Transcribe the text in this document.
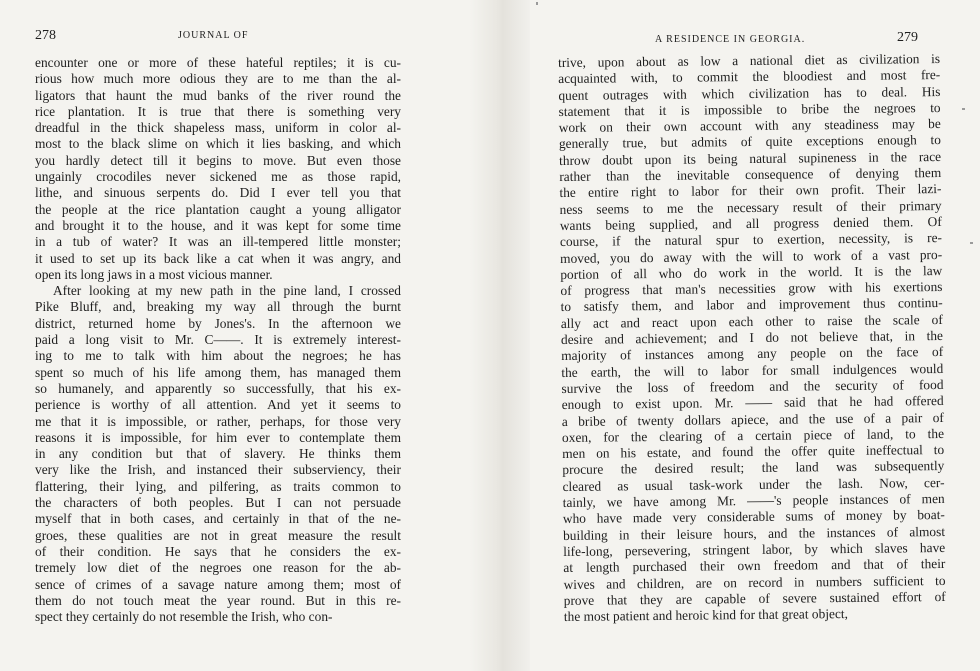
278	JOURNAL OF
encounter one or more of these hateful reptiles; it is cu-
rious how much more odious they are to me than the al-
ligators that haunt the mud banks of the river round the
rice plantation. It is true that there is something very
dreadful in the thick shapeless mass, uniform in color al-
most to the black slime on which it lies basking, and which
you hardly detect till it begins to move. But even those
ungainly crocodiles never sickened me as those rapid,
lithe, and sinuous serpents do. Did I ever tell you that
the people at the rice plantation caught a young alligator
and brought it to the house, and it was kept for some time
in a tub of water? It was an ill-tempered little monster;
it used to set up its back like a cat when it was angry, and
open its long jaws in a most vicious manner.
After looking at my new path in the pine land, I crossed
Pike Bluff, and, breaking my way all through the burnt
district, returned home by Jones's. In the afternoon we
paid a long visit to Mr. C——. It is extremely interest-
ing to me to talk with him about the negroes; he has
spent so much of his life among them, has managed them
so humanely, and apparently so successfully, that his ex-
perience is worthy of all attention. And yet it seems to
me that it is impossible, or rather, perhaps, for those very
reasons it is impossible, for him ever to contemplate them
in any condition but that of slavery. He thinks them
very like the Irish, and instanced their subserviency, their
flattering, their lying, and pilfering, as traits common to
the characters of both peoples. But I can not persuade
myself that in both cases, and certainly in that of the ne-
groes, these qualities are not in great measure the result
of their condition. He says that he considers the ex-
tremely low diet of the negroes one reason for the ab-
sence of crimes of a savage nature among them; most of
them do not touch meat the year round. But in this re-
spect they certainly do not resemble the Irish, who con-
A RESIDENCE IN GEORGIA.	279
trive, upon about as low a national diet as civilization is
acquainted with, to commit the bloodiest and most fre-
quent outrages with which civilization has to deal. His
statement that it is impossible to bribe the negroes to
work on their own account with any steadiness may be
generally true, but admits of quite exceptions enough to
throw doubt upon its being natural supineness in the race
rather than the inevitable consequence of denying them
the entire right to labor for their own profit. Their lazi-
ness seems to me the necessary result of their primary
wants being supplied, and all progress denied them. Of
course, if the natural spur to exertion, necessity, is re-
moved, you do away with the will to work of a vast pro-
portion of all who do work in the world. It is the law
of progress that man's necessities grow with his exertions
to satisfy them, and labor and improvement thus continu-
ally act and react upon each other to raise the scale of
desire and achievement; and I do not believe that, in the
majority of instances among any people on the face of
the earth, the will to labor for small indulgences would
survive the loss of freedom and the security of food
enough to exist upon. Mr. —— said that he had offered
a bribe of twenty dollars apiece, and the use of a pair of
oxen, for the clearing of a certain piece of land, to the
men on his estate, and found the offer quite ineffectual to
procure the desired result; the land was subsequently
cleared as usual task-work under the lash. Now, cer-
tainly, we have among Mr. ——'s people instances of men
who have made very considerable sums of money by boat-
building in their leisure hours, and the instances of almost
life-long, persevering, stringent labor, by which slaves have
at length purchased their own freedom and that of their
wives and children, are on record in numbers sufficient to
prove that they are capable of severe sustained effort of
the most patient and heroic kind for that great object,
